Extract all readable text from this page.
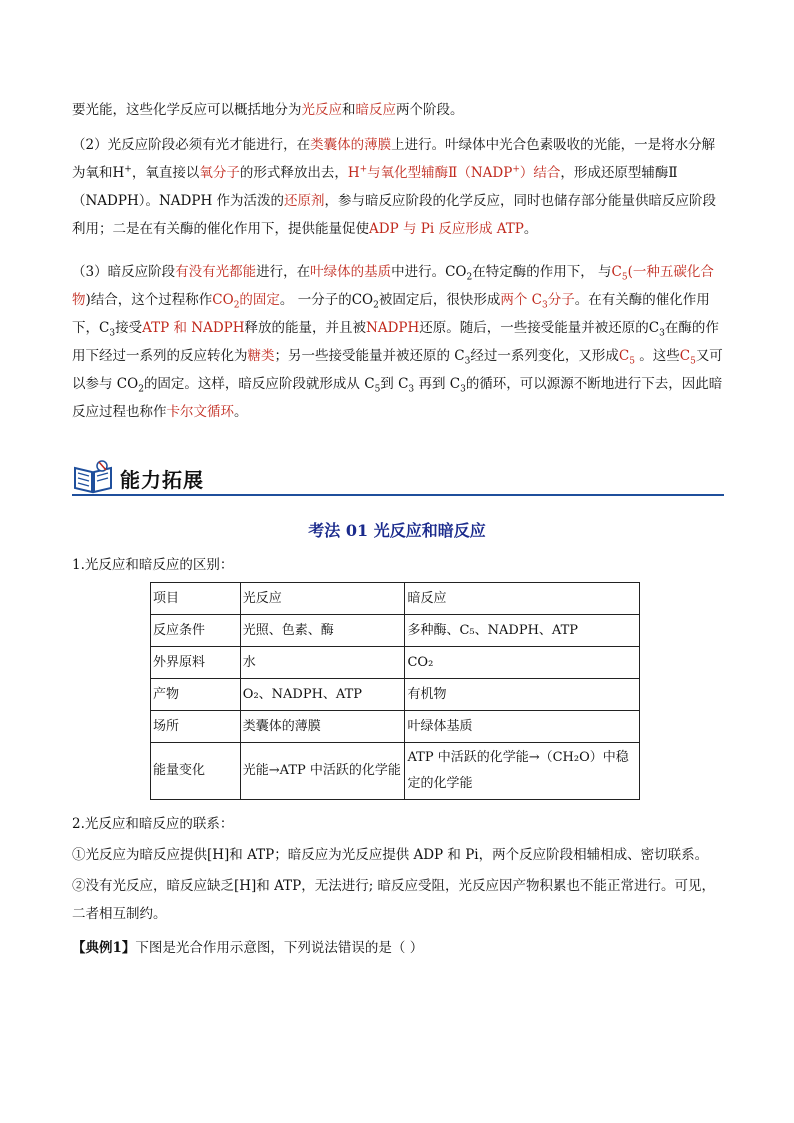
要光能，这些化学反应可以概括地分为光反应和暗反应两个阶段。
（2）光反应阶段必须有光才能进行，在类囊体的薄膜上进行。叶绿体中光合色素吸收的光能，一是将水分解为氧和H+，氧直接以氧分子的形式释放出去，H+与氧化型辅酶Ⅱ（NADP+）结合，形成还原型辅酶Ⅱ（NADPH）。NADPH 作为活泼的还原剂，参与暗反应阶段的化学反应，同时也储存部分能量供暗反应阶段利用；二是在有关酶的催化作用下，提供能量促使ADP 与 Pi 反应形成 ATP。
（3）暗反应阶段有没有光都能进行，在叶绿体的基质中进行。$CO_2$在特定酶的作用下， 与$C_5$(一种五碳化合物)结合，这个过程称作$CO_2$的固定。 一分子的$CO_2$被固定后，很快形成两个 $C_3$分子。在有关酶的催化作用下，$C_3$接受ATP 和 NADPH释放的能量，并且被NADPH还原。随后，一些接受能量并被还原的$C_3$在酶的作用下经过一系列的反应转化为糖类；另一些接受能量并被还原的 $C_3$经过一系列变化，又形成$C_5$ 。这些$C_5$又可以参与 $CO_2$的固定。这样，暗反应阶段就形成从 $C_5$到 $C_3$ 再到 $C_3$的循环，可以源源不断地进行下去，因此暗反应过程也称作卡尔文循环。
能力拓展
考法 01 光反应和暗反应
1.光反应和暗反应的区别：
项目	光反应	暗反应
反应条件	光照、色素、酶	多种酶、C₅、NADPH、ATP
外界原料	水	CO₂
产物	O₂、NADPH、ATP	有机物
场所	类囊体的薄膜	叶绿体基质
能量变化	光能→ATP 中活跃的化学能	ATP 中活跃的化学能→（CH₂O）中稳定的化学能
2.光反应和暗反应的联系：
①光反应为暗反应提供[H]和 ATP；暗反应为光反应提供 ADP 和 Pi，两个反应阶段相辅相成、密切联系。
②没有光反应，暗反应缺乏[H]和 ATP，无法进行; 暗反应受阻，光反应因产物积累也不能正常进行。可见，二者相互制约。
【典例1】下图是光合作用示意图，下列说法错误的是（ ）
